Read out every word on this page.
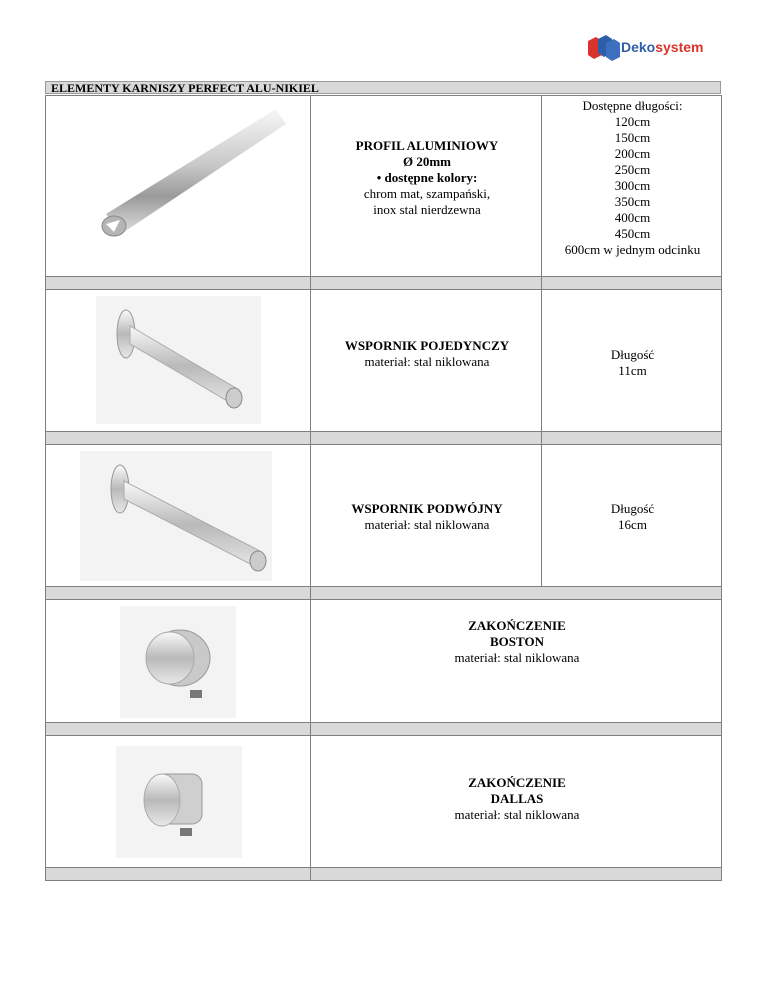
Dekosystem
ELEMENTY KARNISZY PERFECT ALU-NIKIEL
PROFIL ALUMINIOWY
Ø 20mm
• dostępne kolory:
chrom mat, szampański,
inox stal nierdzewna
Dostępne długości:
120cm
150cm
200cm
250cm
300cm
350cm
400cm
450cm
600cm w jednym odcinku
WSPORNIK POJEDYNCZY
materiał: stal niklowana	Długość
11cm
WSPORNIK PODWÓJNY
materiał: stal niklowana
Długość
16cm
ZAKOŃCZENIE
BOSTON
materiał: stal niklowana
ZAKOŃCZENIE
DALLAS
materiał: stal niklowana
